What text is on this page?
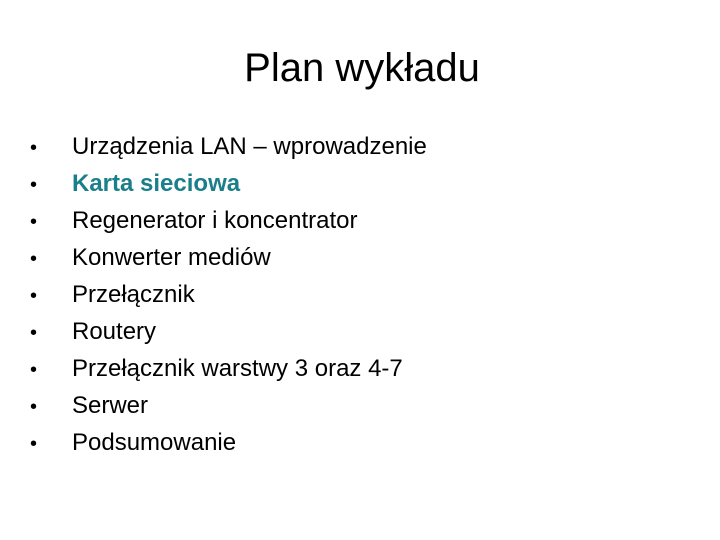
Plan wykładu
•	Urządzenia LAN – wprowadzenie
•	Karta sieciowa
•	Regenerator i koncentrator
•	Konwerter mediów
•	Przełącznik
•	Routery
•	Przełącznik warstwy 3 oraz 4-7
•	Serwer
•	Podsumowanie
